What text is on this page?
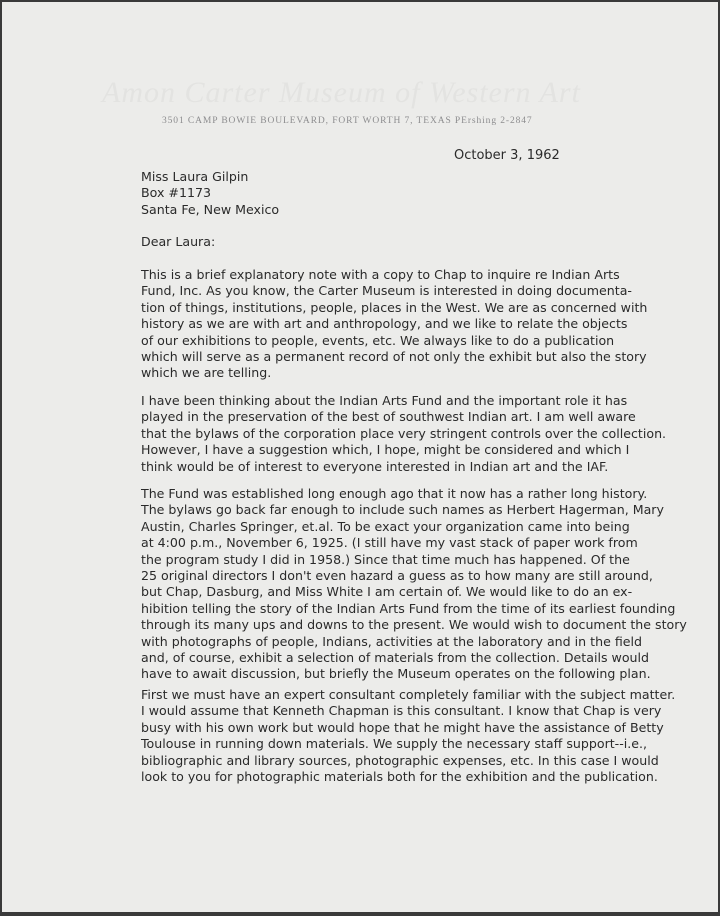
Amon Carter Museum of Western Art
3501 CAMP BOWIE BOULEVARD, FORT WORTH 7, TEXAS PErshing 2-2847
October 3, 1962

Miss Laura Gilpin

Box #1173

Santa Fe, New Mexico

Dear Laura:

This is a brief explanatory note with a copy to Chap to inquire re Indian Arts

Fund, Inc. As you know, the Carter Museum is interested in doing documenta-

tion of things, institutions, people, places in the West. We are as concerned with

history as we are with art and anthropology, and we like to relate the objects

of our exhibitions to people, events, etc. We always like to do a publication

which will serve as a permanent record of not only the exhibit but also the story

which we are telling.

I have been thinking about the Indian Arts Fund and the important role it has

played in the preservation of the best of southwest Indian art. I am well aware

that the bylaws of the corporation place very stringent controls over the collection.

However, I have a suggestion which, I hope, might be considered and which I

think would be of interest to everyone interested in Indian art and the IAF.

The Fund was established long enough ago that it now has a rather long history.

The bylaws go back far enough to include such names as Herbert Hagerman, Mary

Austin, Charles Springer, et.al. To be exact your organization came into being

at 4:00 p.m., November 6, 1925. (I still have my vast stack of paper work from

the program study I did in 1958.) Since that time much has happened. Of the

25 original directors I don't even hazard a guess as to how many are still around,

but Chap, Dasburg, and Miss White I am certain of. We would like to do an ex-

hibition telling the story of the Indian Arts Fund from the time of its earliest founding

through its many ups and downs to the present. We would wish to document the story

with photographs of people, Indians, activities at the laboratory and in the field

and, of course, exhibit a selection of materials from the collection. Details would

have to await discussion, but briefly the Museum operates on the following plan.

First we must have an expert consultant completely familiar with the subject matter.

I would assume that Kenneth Chapman is this consultant. I know that Chap is very

busy with his own work but would hope that he might have the assistance of Betty

Toulouse in running down materials. We supply the necessary staff support--i.e.,

bibliographic and library sources, photographic expenses, etc. In this case I would

look to you for photographic materials both for the exhibition and the publication.
